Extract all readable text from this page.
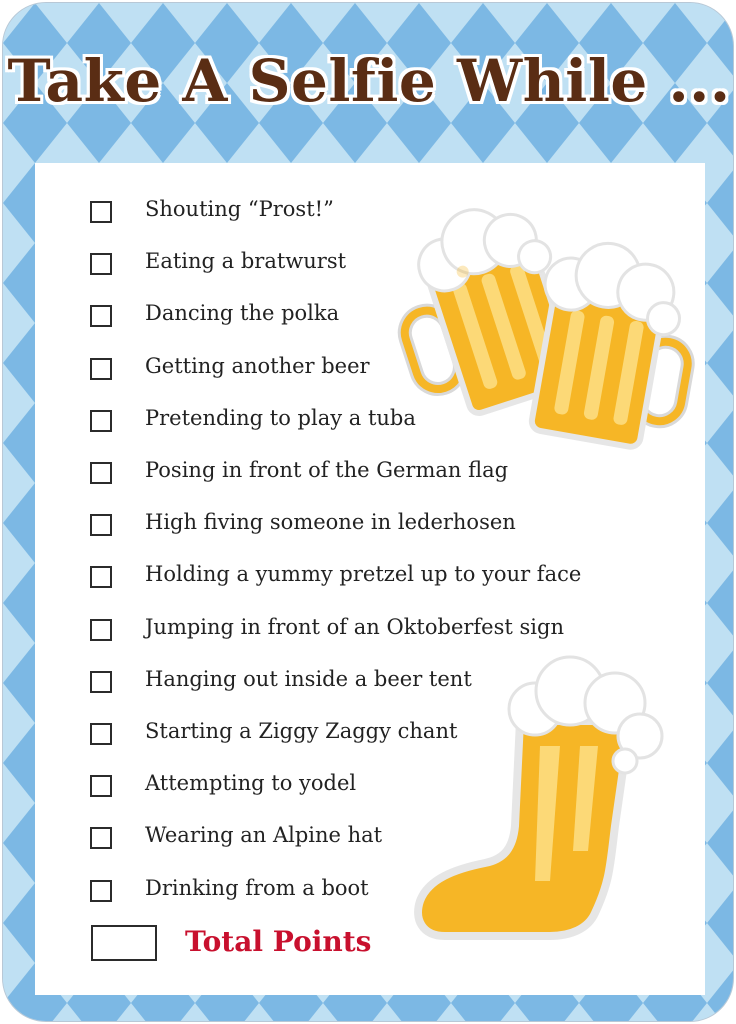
Take A Selfie While ...
Shouting “Prost!”
Eating a bratwurst
Dancing the polka
Getting another beer
Pretending to play a tuba
Posing in front of the German flag
High fiving someone in lederhosen
Holding a yummy pretzel up to your face
Jumping in front of an Oktoberfest sign
Hanging out inside a beer tent
Starting a Ziggy Zaggy chant
Attempting to yodel
Wearing an Alpine hat
Drinking from a boot
Total Points
